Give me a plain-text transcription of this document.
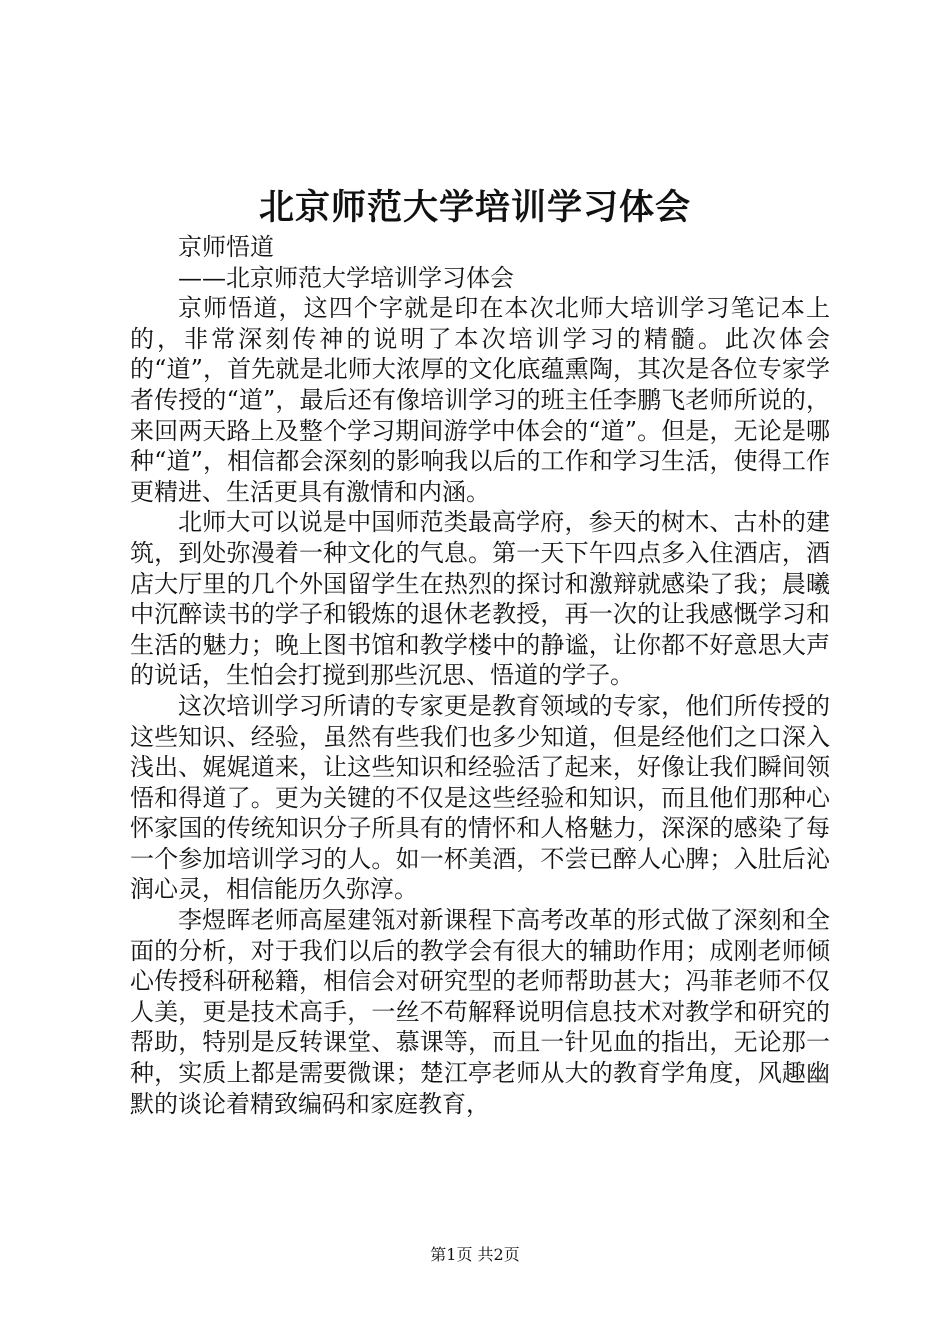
北京师范大学培训学习体会

京师悟道

——北京师范大学培训学习体会

京师悟道，这四个字就是印在本次北师大培训学习笔记本上的，非常深刻传神的说明了本次培训学习的精髓。此次体会的“道”，首先就是北师大浓厚的文化底蕴熏陶，其次是各位专家学者传授的“道”，最后还有像培训学习的班主任李鹏飞老师所说的，来回两天路上及整个学习期间游学中体会的“道”。但是，无论是哪种“道”，相信都会深刻的影响我以后的工作和学习生活，使得工作更精进、生活更具有激情和内涵。

北师大可以说是中国师范类最高学府，参天的树木、古朴的建筑，到处弥漫着一种文化的气息。第一天下午四点多入住酒店，酒店大厅里的几个外国留学生在热烈的探讨和激辩就感染了我；晨曦中沉醉读书的学子和锻炼的退休老教授，再一次的让我感慨学习和生活的魅力；晚上图书馆和教学楼中的静谧，让你都不好意思大声的说话，生怕会打搅到那些沉思、悟道的学子。

这次培训学习所请的专家更是教育领域的专家，他们所传授的这些知识、经验，虽然有些我们也多少知道，但是经他们之口深入浅出、娓娓道来，让这些知识和经验活了起来，好像让我们瞬间领悟和得道了。更为关键的不仅是这些经验和知识，而且他们那种心怀家国的传统知识分子所具有的情怀和人格魅力，深深的感染了每一个参加培训学习的人。如一杯美酒，不尝已醉人心脾；入肚后沁润心灵，相信能历久弥淳。

李煜晖老师高屋建瓴对新课程下高考改革的形式做了深刻和全面的分析，对于我们以后的教学会有很大的辅助作用；成刚老师倾心传授科研秘籍，相信会对研究型的老师帮助甚大；冯菲老师不仅人美，更是技术高手，一丝不苟解释说明信息技术对教学和研究的帮助，特别是反转课堂、慕课等，而且一针见血的指出，无论那一种，实质上都是需要微课；楚江亭老师从大的教育学角度，风趣幽默的谈论着精致编码和家庭教育，

第1页 共2页
